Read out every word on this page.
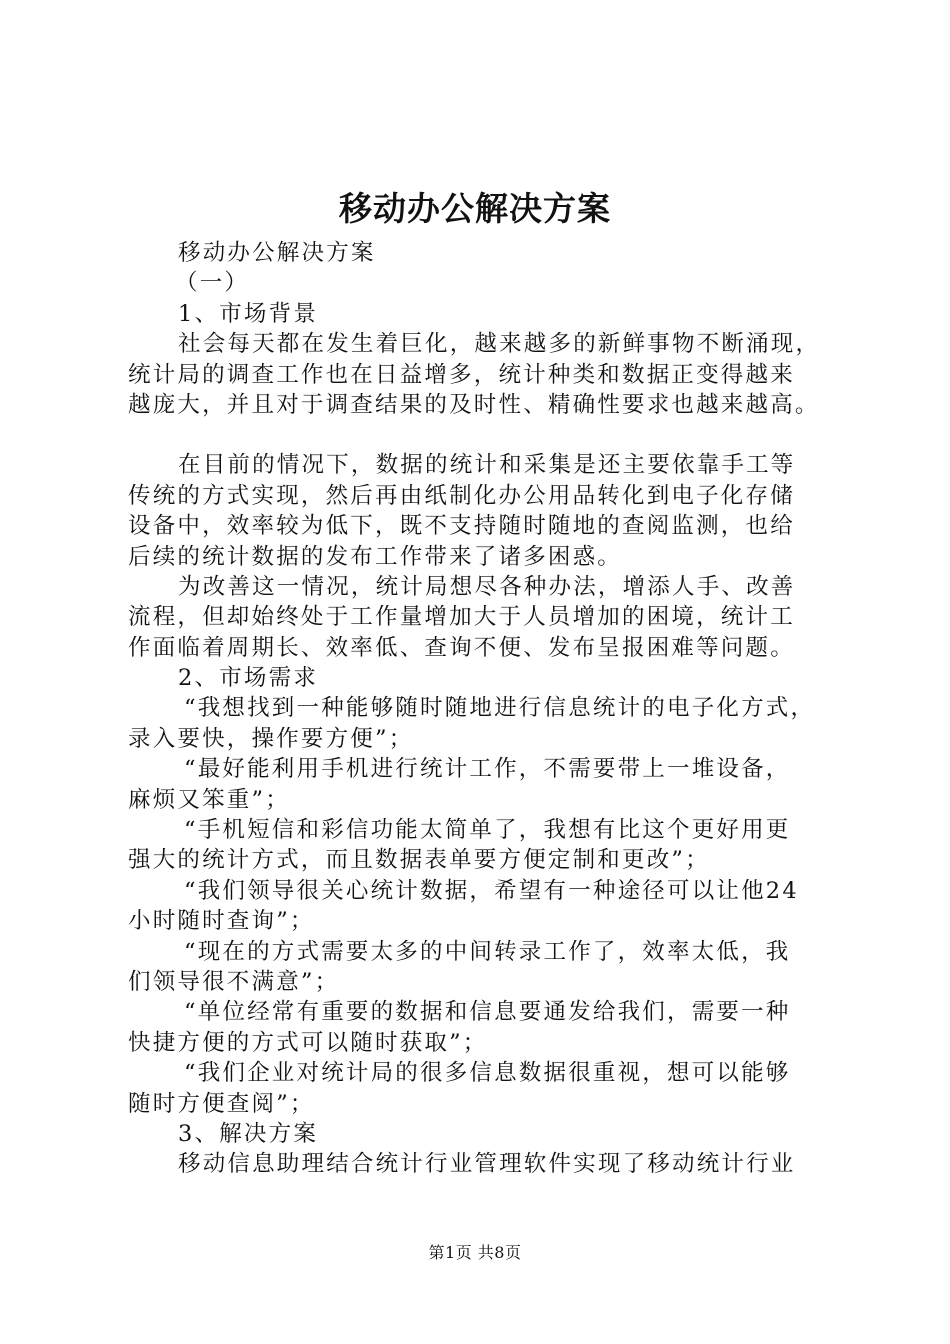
移动办公解决方案
移动办公解决方案
（一）
1、市场背景
社会每天都在发生着巨化，越来越多的新鲜事物不断涌现，
统计局的调查工作也在日益增多，统计种类和数据正变得越来
越庞大，并且对于调查结果的及时性、精确性要求也越来越高。
在目前的情况下，数据的统计和采集是还主要依靠手工等
传统的方式实现，然后再由纸制化办公用品转化到电子化存储
设备中，效率较为低下，既不支持随时随地的查阅监测，也给
后续的统计数据的发布工作带来了诸多困惑。
为改善这一情况，统计局想尽各种办法，增添人手、改善
流程，但却始终处于工作量增加大于人员增加的困境，统计工
作面临着周期长、效率低、查询不便、发布呈报困难等问题。
2、市场需求
“我想找到一种能够随时随地进行信息统计的电子化方式，
录入要快，操作要方便”；
“最好能利用手机进行统计工作，不需要带上一堆设备，
麻烦又笨重”；
“手机短信和彩信功能太简单了，我想有比这个更好用更
强大的统计方式，而且数据表单要方便定制和更改”；
“我们领导很关心统计数据，希望有一种途径可以让他24
小时随时查询”；
“现在的方式需要太多的中间转录工作了，效率太低，我
们领导很不满意”；
“单位经常有重要的数据和信息要通发给我们，需要一种
快捷方便的方式可以随时获取”；
“我们企业对统计局的很多信息数据很重视，想可以能够
随时方便查阅”；
3、解决方案
移动信息助理结合统计行业管理软件实现了移动统计行业
第1页 共8页
